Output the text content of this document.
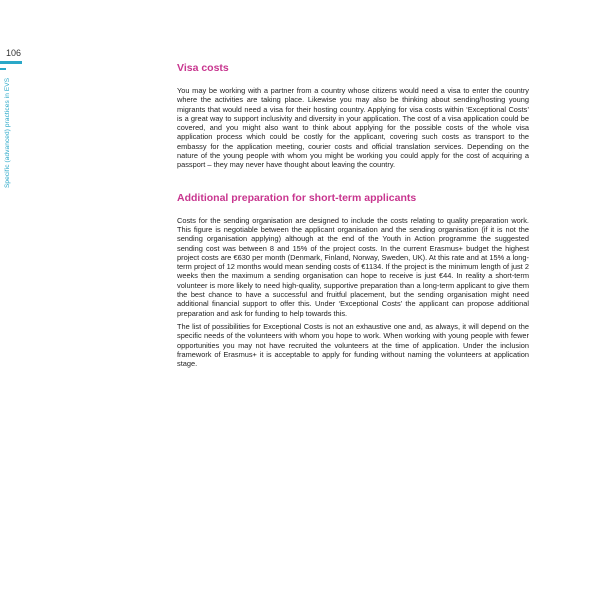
106
Specific (advanced) practices in EVS
Visa costs

You may be working with a partner from a country whose citizens would need a visa to enter the country where the activities are taking place. Likewise you may also be thinking about sending/hosting young migrants that would need a visa for their hosting country. Applying for visa costs within ‘Exceptional Costs’ is a great way to support inclusivity and diversity in your application. The cost of a visa application could be covered, and you might also want to think about applying for the possible costs of the whole visa application process which could be costly for the applicant, covering such costs as transport to the embassy for the application meeting, courier costs and official translation services. Depending on the nature of the young people with whom you might be working you could apply for the cost of acquiring a passport – they may never have thought about leaving the country.

Additional preparation for short-term applicants

Costs for the sending organisation are designed to include the costs relating to quality preparation work. This figure is negotiable between the applicant organisation and the sending organisation (if it is not the sending organisation applying) although at the end of the Youth in Action programme the suggested sending cost was between 8 and 15% of the project costs. In the current Erasmus+ budget the highest project costs are €630 per month (Denmark, Finland, Norway, Sweden, UK). At this rate and at 15% a long-term project of 12 months would mean sending costs of €1134. If the project is the minimum length of just 2 weeks then the maximum a sending organisation can hope to receive is just €44. In reality a short-term volunteer is more likely to need high-quality, supportive preparation than a long-term applicant to give them the best chance to have a successful and fruitful placement, but the sending organisation might need additional financial support to offer this. Under ‘Exceptional Costs’ the applicant can propose additional preparation and ask for funding to help towards this.

The list of possibilities for Exceptional Costs is not an exhaustive one and, as always, it will depend on the specific needs of the volunteers with whom you hope to work. When working with young people with fewer opportunities you may not have recruited the volunteers at the time of application. Under the inclusion framework of Erasmus+ it is acceptable to apply for funding without naming the volunteers at application stage.
